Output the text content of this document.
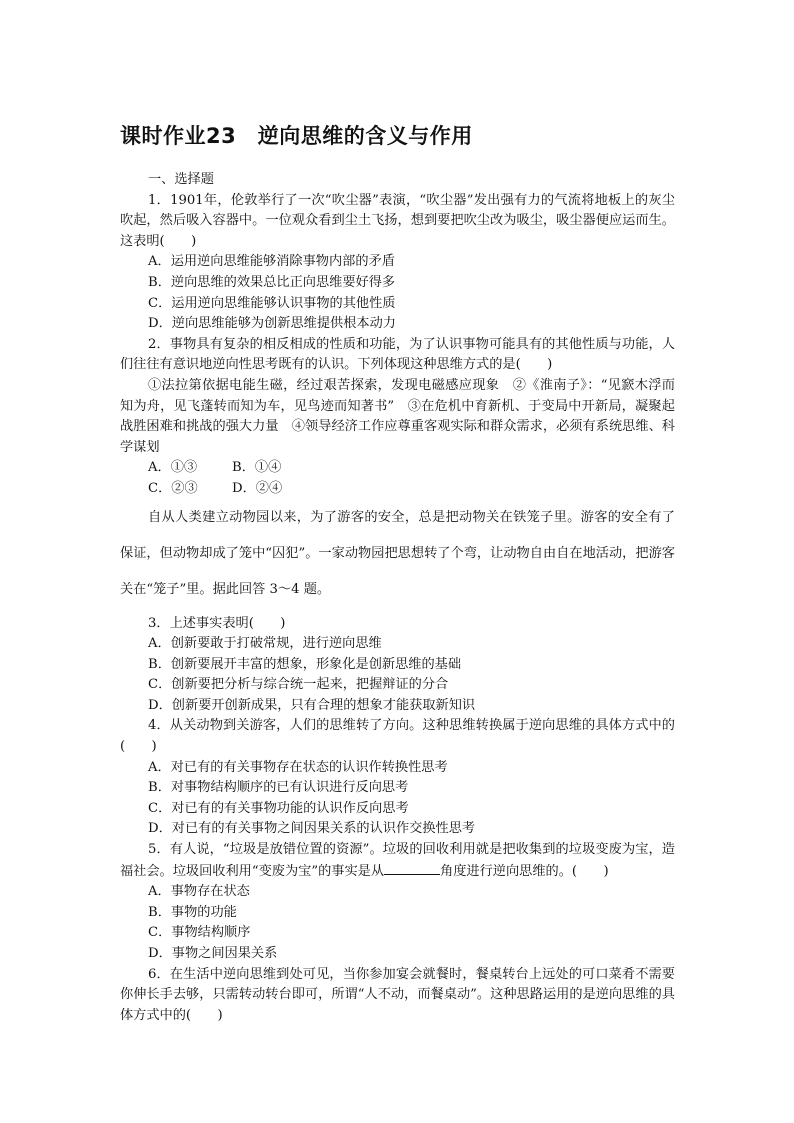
课时作业23　逆向思维的含义与作用

一、选择题

1．1901年，伦敦举行了一次“吹尘器”表演，“吹尘器”发出强有力的气流将地板上的灰尘吹起，然后吸入容器中。一位观众看到尘土飞扬，想到要把吹尘改为吸尘，吸尘器便应运而生。这表明(　　)

A．运用逆向思维能够消除事物内部的矛盾

B．逆向思维的效果总比正向思维要好得多

C．运用逆向思维能够认识事物的其他性质

D．逆向思维能够为创新思维提供根本动力

2．事物具有复杂的相反相成的性质和功能，为了认识事物可能具有的其他性质与功能，人们往往有意识地逆向性思考既有的认识。下列体现这种思维方式的是(　　)

①法拉第依据电能生磁，经过艰苦探索，发现电磁感应现象　②《淮南子》：“见窾木浮而知为舟，见飞蓬转而知为车，见鸟迹而知著书”　③在危机中育新机、于变局中开新局，凝聚起战胜困难和挑战的强大力量　④领导经济工作应尊重客观实际和群众需求，必须有系统思维、科学谋划

A．①③	B．①④

C．②③	D．②④

自从人类建立动物园以来，为了游客的安全，总是把动物关在铁笼子里。游客的安全有了保证，但动物却成了笼中“囚犯”。一家动物园把思想转了个弯，让动物自由自在地活动，把游客关在“笼子”里。据此回答 3～4 题。

3．上述事实表明(　　)

A．创新要敢于打破常规，进行逆向思维

B．创新要展开丰富的想象，形象化是创新思维的基础

C．创新要把分析与综合统一起来，把握辩证的分合

D．创新要开创新成果，只有合理的想象才能获取新知识

4．从关动物到关游客，人们的思维转了方向。这种思维转换属于逆向思维的具体方式中的(　　)

A．对已有的有关事物存在状态的认识作转换性思考

B．对事物结构顺序的已有认识进行反向思考

C．对已有的有关事物功能的认识作反向思考

D．对已有的有关事物之间因果关系的认识作交换性思考

5．有人说，“垃圾是放错位置的资源”。垃圾的回收利用就是把收集到的垃圾变废为宝，造福社会。垃圾回收利用“变废为宝”的事实是从	角度进行逆向思维的。(　　)

A．事物存在状态

B．事物的功能

C．事物结构顺序

D．事物之间因果关系

6．在生活中逆向思维到处可见，当你参加宴会就餐时，餐桌转台上远处的可口菜肴不需要你伸长手去够，只需转动转台即可，所谓“人不动，而餐桌动”。这种思路运用的是逆向思维的具体方式中的(　　)
